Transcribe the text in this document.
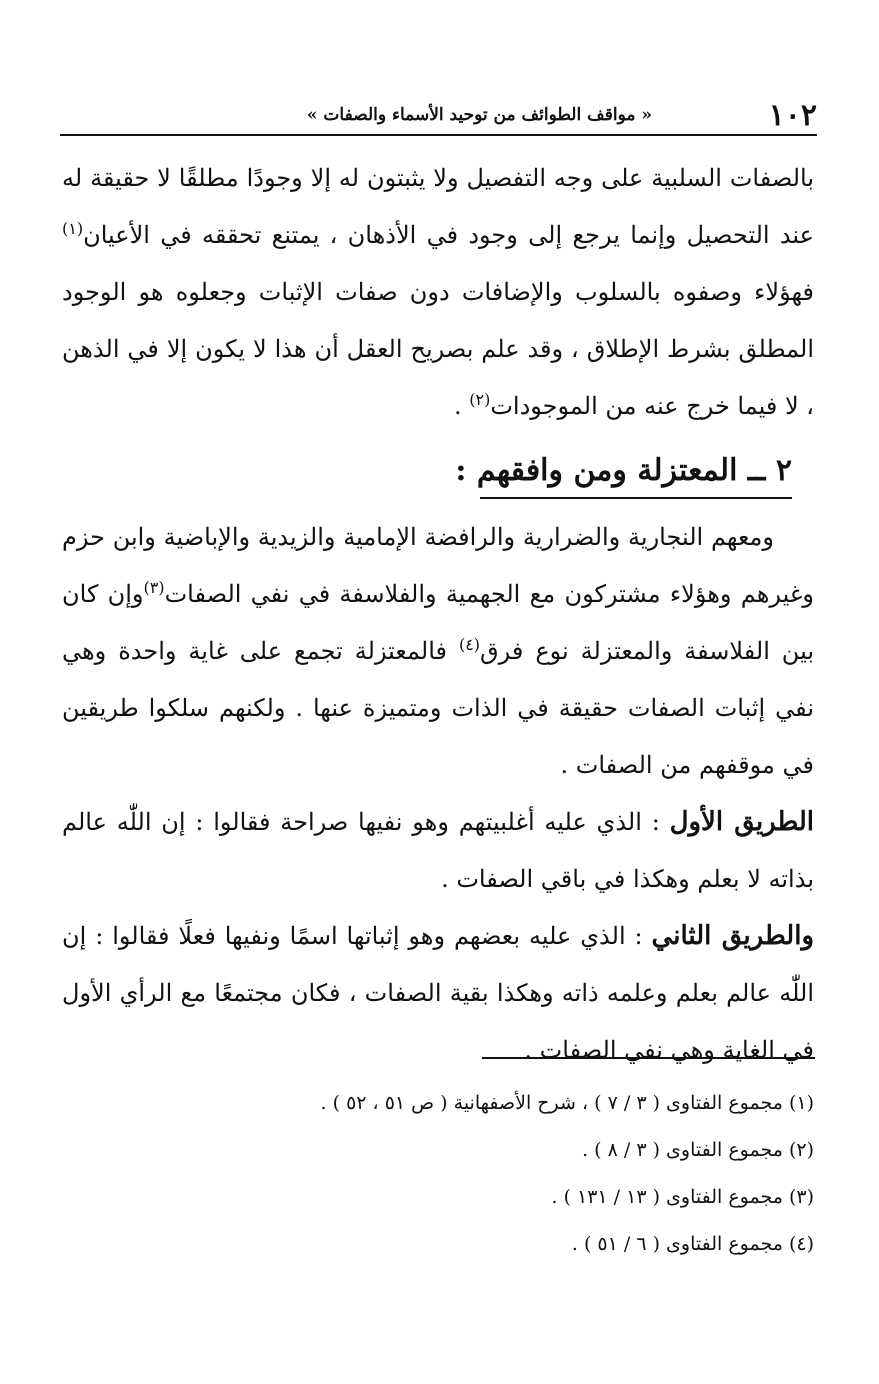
١٠٢
« مواقف الطوائف من توحيد الأسماء والصفات »

بالصفات السلبية على وجه التفصيل ولا يثبتون له إلا وجودًا مطلقًا لا حقيقة له عند التحصيل وإنما يرجع إلى وجود في الأذهان ، يمتنع تحققه في الأعيان$^{(١)}$ فهؤلاء وصفوه بالسلوب والإضافات دون صفات الإثبات وجعلوه هو الوجود المطلق بشرط الإطلاق ، وقد علم بصريح العقل أن هذا لا يكون إلا في الذهن ، لا فيما خرج عنه من الموجودات$^{(٢)}$ .

٢ ــ المعتزلة ومن وافقهم :

ومعهم النجارية والضرارية والرافضة الإمامية والزيدية والإباضية وابن حزم وغيرهم وهؤلاء مشتركون مع الجهمية والفلاسفة في نفي الصفات$^{(٣)}$وإن كان بين الفلاسفة والمعتزلة نوع فرق$^{(٤)}$ فالمعتزلة تجمع على غاية واحدة وهي نفي إثبات الصفات حقيقة في الذات ومتميزة عنها . ولكنهم سلكوا طريقين في موقفهم من الصفات .

الطريق الأول : الذي عليه أغلبيتهم وهو نفيها صراحة فقالوا : إن اللّٰه عالم بذاته لا بعلم وهكذا في باقي الصفات .

والطريق الثاني : الذي عليه بعضهم وهو إثباتها اسمًا ونفيها فعلًا فقالوا : إن اللّٰه عالم بعلم وعلمه ذاته وهكذا بقية الصفات ، فكان مجتمعًا مع الرأي الأول في الغاية وهي نفي الصفات .

(١) مجموع الفتاوى ( ٣ / ٧ ) ، شرح الأصفهانية ( ص ٥١ ، ٥٢ ) .

(٢) مجموع الفتاوى ( ٣ / ٨ ) .

(٣) مجموع الفتاوى ( ١٣ / ١٣١ ) .

(٤) مجموع الفتاوى ( ٦ / ٥١ ) .
